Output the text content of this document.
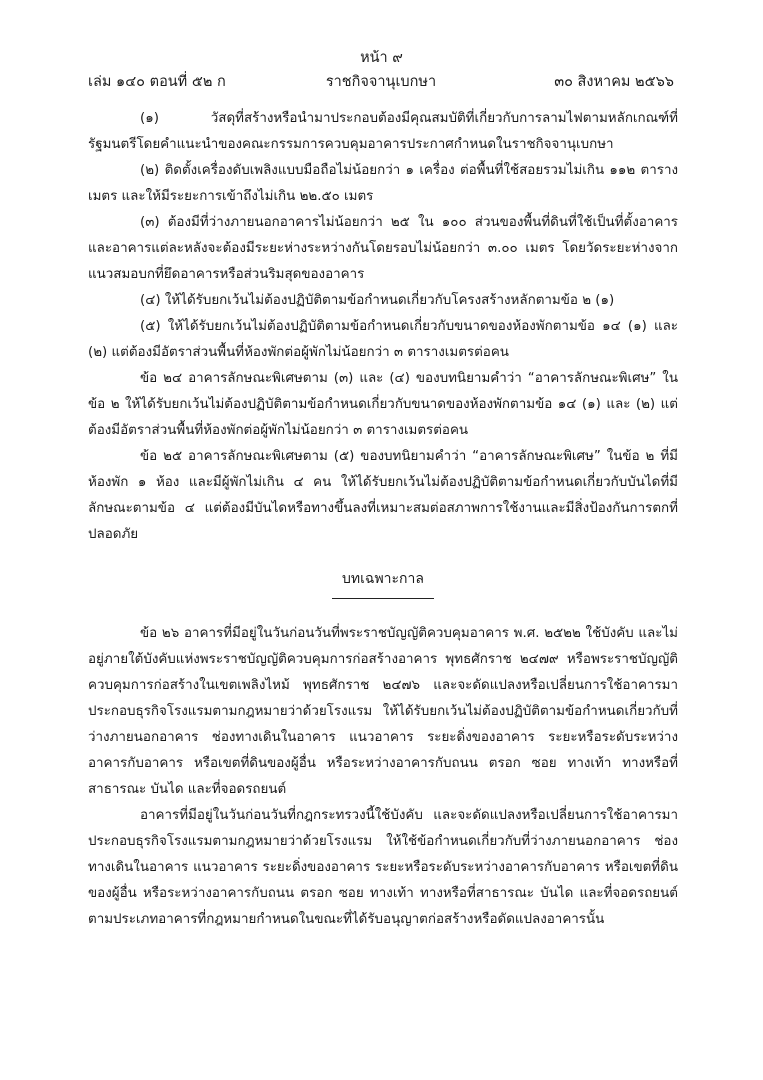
หน้า ๙
เล่ม ๑๔๐ ตอนที่ ๕๒ ก	ราชกิจจานุเบกษา	๓๐ สิงหาคม ๒๕๖๖

(๑) วัสดุที่สร้างหรือนำมาประกอบต้องมีคุณสมบัติที่เกี่ยวกับการลามไฟตามหลักเกณฑ์ที่รัฐมนตรีโดยคำแนะนำของคณะกรรมการควบคุมอาคารประกาศกำหนดในราชกิจจานุเบกษา

(๒) ติดตั้งเครื่องดับเพลิงแบบมือถือไม่น้อยกว่า ๑ เครื่อง ต่อพื้นที่ใช้สอยรวมไม่เกิน ๑๑๒ ตารางเมตร และให้มีระยะการเข้าถึงไม่เกิน ๒๒.๕๐ เมตร

(๓) ต้องมีที่ว่างภายนอกอาคารไม่น้อยกว่า ๒๕ ใน ๑๐๐ ส่วนของพื้นที่ดินที่ใช้เป็นที่ตั้งอาคาร และอาคารแต่ละหลังจะต้องมีระยะห่างระหว่างกันโดยรอบไม่น้อยกว่า ๓.๐๐ เมตร โดยวัดระยะห่างจากแนวสมอบกที่ยึดอาคารหรือส่วนริมสุดของอาคาร

(๔) ให้ได้รับยกเว้นไม่ต้องปฏิบัติตามข้อกำหนดเกี่ยวกับโครงสร้างหลักตามข้อ ๒ (๑)

(๕) ให้ได้รับยกเว้นไม่ต้องปฏิบัติตามข้อกำหนดเกี่ยวกับขนาดของห้องพักตามข้อ ๑๔ (๑) และ (๒) แต่ต้องมีอัตราส่วนพื้นที่ห้องพักต่อผู้พักไม่น้อยกว่า ๓ ตารางเมตรต่อคน

ข้อ ๒๔ อาคารลักษณะพิเศษตาม (๓) และ (๔) ของบทนิยามคำว่า “อาคารลักษณะพิเศษ” ในข้อ ๒ ให้ได้รับยกเว้นไม่ต้องปฏิบัติตามข้อกำหนดเกี่ยวกับขนาดของห้องพักตามข้อ ๑๔ (๑) และ (๒) แต่ต้องมีอัตราส่วนพื้นที่ห้องพักต่อผู้พักไม่น้อยกว่า ๓ ตารางเมตรต่อคน

ข้อ ๒๕ อาคารลักษณะพิเศษตาม (๕) ของบทนิยามคำว่า “อาคารลักษณะพิเศษ” ในข้อ ๒ ที่มีห้องพัก ๑ ห้อง และมีผู้พักไม่เกิน ๔ คน ให้ได้รับยกเว้นไม่ต้องปฏิบัติตามข้อกำหนดเกี่ยวกับบันไดที่มีลักษณะตามข้อ ๔ แต่ต้องมีบันไดหรือทางขึ้นลงที่เหมาะสมต่อสภาพการใช้งานและมีสิ่งป้องกันการตกที่ปลอดภัย

บทเฉพาะกาล

ข้อ ๒๖ อาคารที่มีอยู่ในวันก่อนวันที่พระราชบัญญัติควบคุมอาคาร พ.ศ. ๒๕๒๒ ใช้บังคับ และไม่อยู่ภายใต้บังคับแห่งพระราชบัญญัติควบคุมการก่อสร้างอาคาร พุทธศักราช ๒๔๗๙ หรือพระราชบัญญัติควบคุมการก่อสร้างในเขตเพลิงไหม้ พุทธศักราช ๒๔๗๖ และจะดัดแปลงหรือเปลี่ยนการใช้อาคารมาประกอบธุรกิจโรงแรมตามกฎหมายว่าด้วยโรงแรม ให้ได้รับยกเว้นไม่ต้องปฏิบัติตามข้อกำหนดเกี่ยวกับที่ว่างภายนอกอาคาร ช่องทางเดินในอาคาร แนวอาคาร ระยะดิ่งของอาคาร ระยะหรือระดับระหว่างอาคารกับอาคาร หรือเขตที่ดินของผู้อื่น หรือระหว่างอาคารกับถนน ตรอก ซอย ทางเท้า ทางหรือที่สาธารณะ บันได และที่จอดรถยนต์

อาคารที่มีอยู่ในวันก่อนวันที่กฎกระทรวงนี้ใช้บังคับ และจะดัดแปลงหรือเปลี่ยนการใช้อาคารมาประกอบธุรกิจโรงแรมตามกฎหมายว่าด้วยโรงแรม ให้ใช้ข้อกำหนดเกี่ยวกับที่ว่างภายนอกอาคาร ช่องทางเดินในอาคาร แนวอาคาร ระยะดิ่งของอาคาร ระยะหรือระดับระหว่างอาคารกับอาคาร หรือเขตที่ดินของผู้อื่น หรือระหว่างอาคารกับถนน ตรอก ซอย ทางเท้า ทางหรือที่สาธารณะ บันได และที่จอดรถยนต์ ตามประเภทอาคารที่กฎหมายกำหนดในขณะที่ได้รับอนุญาตก่อสร้างหรือดัดแปลงอาคารนั้น
